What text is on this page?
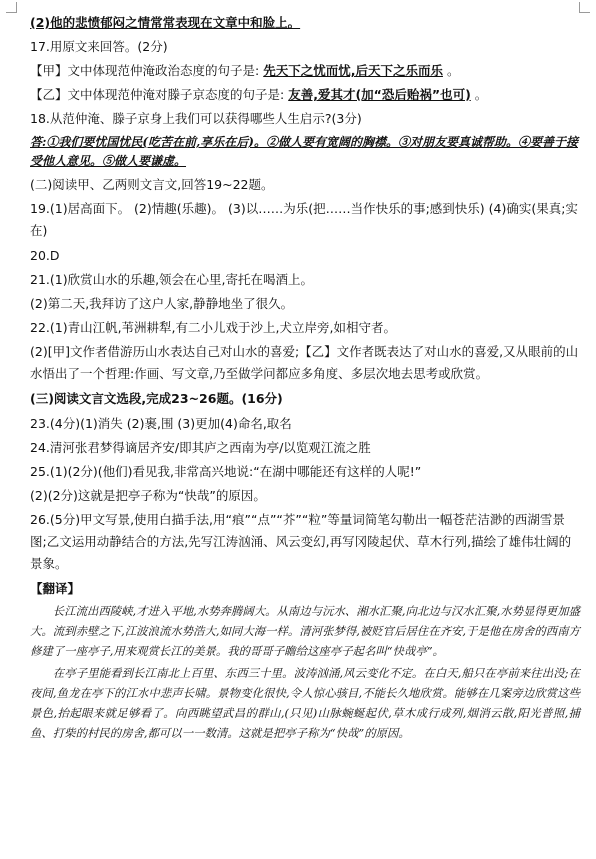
(2)他的悲愤郁闷之情常常表现在文章中和脸上。
17.用原文来回答。(2分)
【甲】文中体现范仲淹政治态度的句子是: 先天下之忧而忧,后天下之乐而乐 。
【乙】文中体现范仲淹对滕子京态度的句子是: 友善,爱其才(加“恐后贻祸”也可) 。
18.从范仲淹、滕子京身上我们可以获得哪些人生启示?(3分)
答:①我们要忧国忧民(吃苦在前,享乐在后)。②做人要有宽阔的胸襟。③对朋友要真诚帮助。④要善于接受他人意见。⑤做人要谦虚。
(二)阅读甲、乙两则文言文,回答19~22题。
19.(1)居高面下。 (2)情趣(乐趣)。 (3)以……为乐(把……当作快乐的事;感到快乐) (4)确实(果真;实在)
20.D
21.(1)欣赏山水的乐趣,领会在心里,寄托在喝酒上。
(2)第二天,我拜访了这户人家,静静地坐了很久。
22.(1)青山江帆,苇洲耕犁,有二小儿戏于沙上,犬立岸旁,如相守者。
(2)[甲]文作者借游历山水表达自己对山水的喜爱;【乙】文作者既表达了对山水的喜爱,又从眼前的山水悟出了一个哲理:作画、写文章,乃至做学问都应多角度、多层次地去思考或欣赏。
(三)阅读文言文选段,完成23~26题。(16分)
23.(4分)(1)消失 (2)裹,围 (3)更加(4)命名,取名
24.清河张君梦得谪居齐安/即其庐之西南为亭/以览观江流之胜
25.(1)(2分)(他们)看见我,非常高兴地说:“在湖中哪能还有这样的人呢!”
(2)(2分)这就是把亭子称为“快哉”的原因。
26.(5分)甲文写景,使用白描手法,用“痕”“点”“芥”“粒”等量词简笔勾勒出一幅苍茫洁渺的西湖雪景图;乙文运用动静结合的方法,先写江涛汹涌、风云变幻,再写冈陵起伏、草木行列,描绘了雄伟壮阔的景象。
【翻译】
长江流出西陵峡,才进入平地,水势奔腾阔大。从南边与沅水、湘水汇聚,向北边与汉水汇聚,水势显得更加盛大。流到赤壁之下,江波浪流水势浩大,如同大海一样。清河张梦得,被贬官后居住在齐安,于是他在房舍的西南方修建了一座亭子,用来观赏长江的美景。我的哥哥子瞻给这座亭子起名叫“快哉亭”。
在亭子里能看到长江南北上百里、东西三十里。波涛汹涌,风云变化不定。在白天,船只在亭前来往出没;在夜间,鱼龙在亭下的江水中悲声长啸。景物变化很快,令人惊心骇目,不能长久地欣赏。能够在几案旁边欣赏这些景色,抬起眼来就足够看了。向西眺望武昌的群山,(只见)山脉蜿蜒起伏,草木成行成列,烟消云散,阳光普照,捕鱼、打柴的村民的房舍,都可以一一数清。这就是把亭子称为“快哉”的原因。
